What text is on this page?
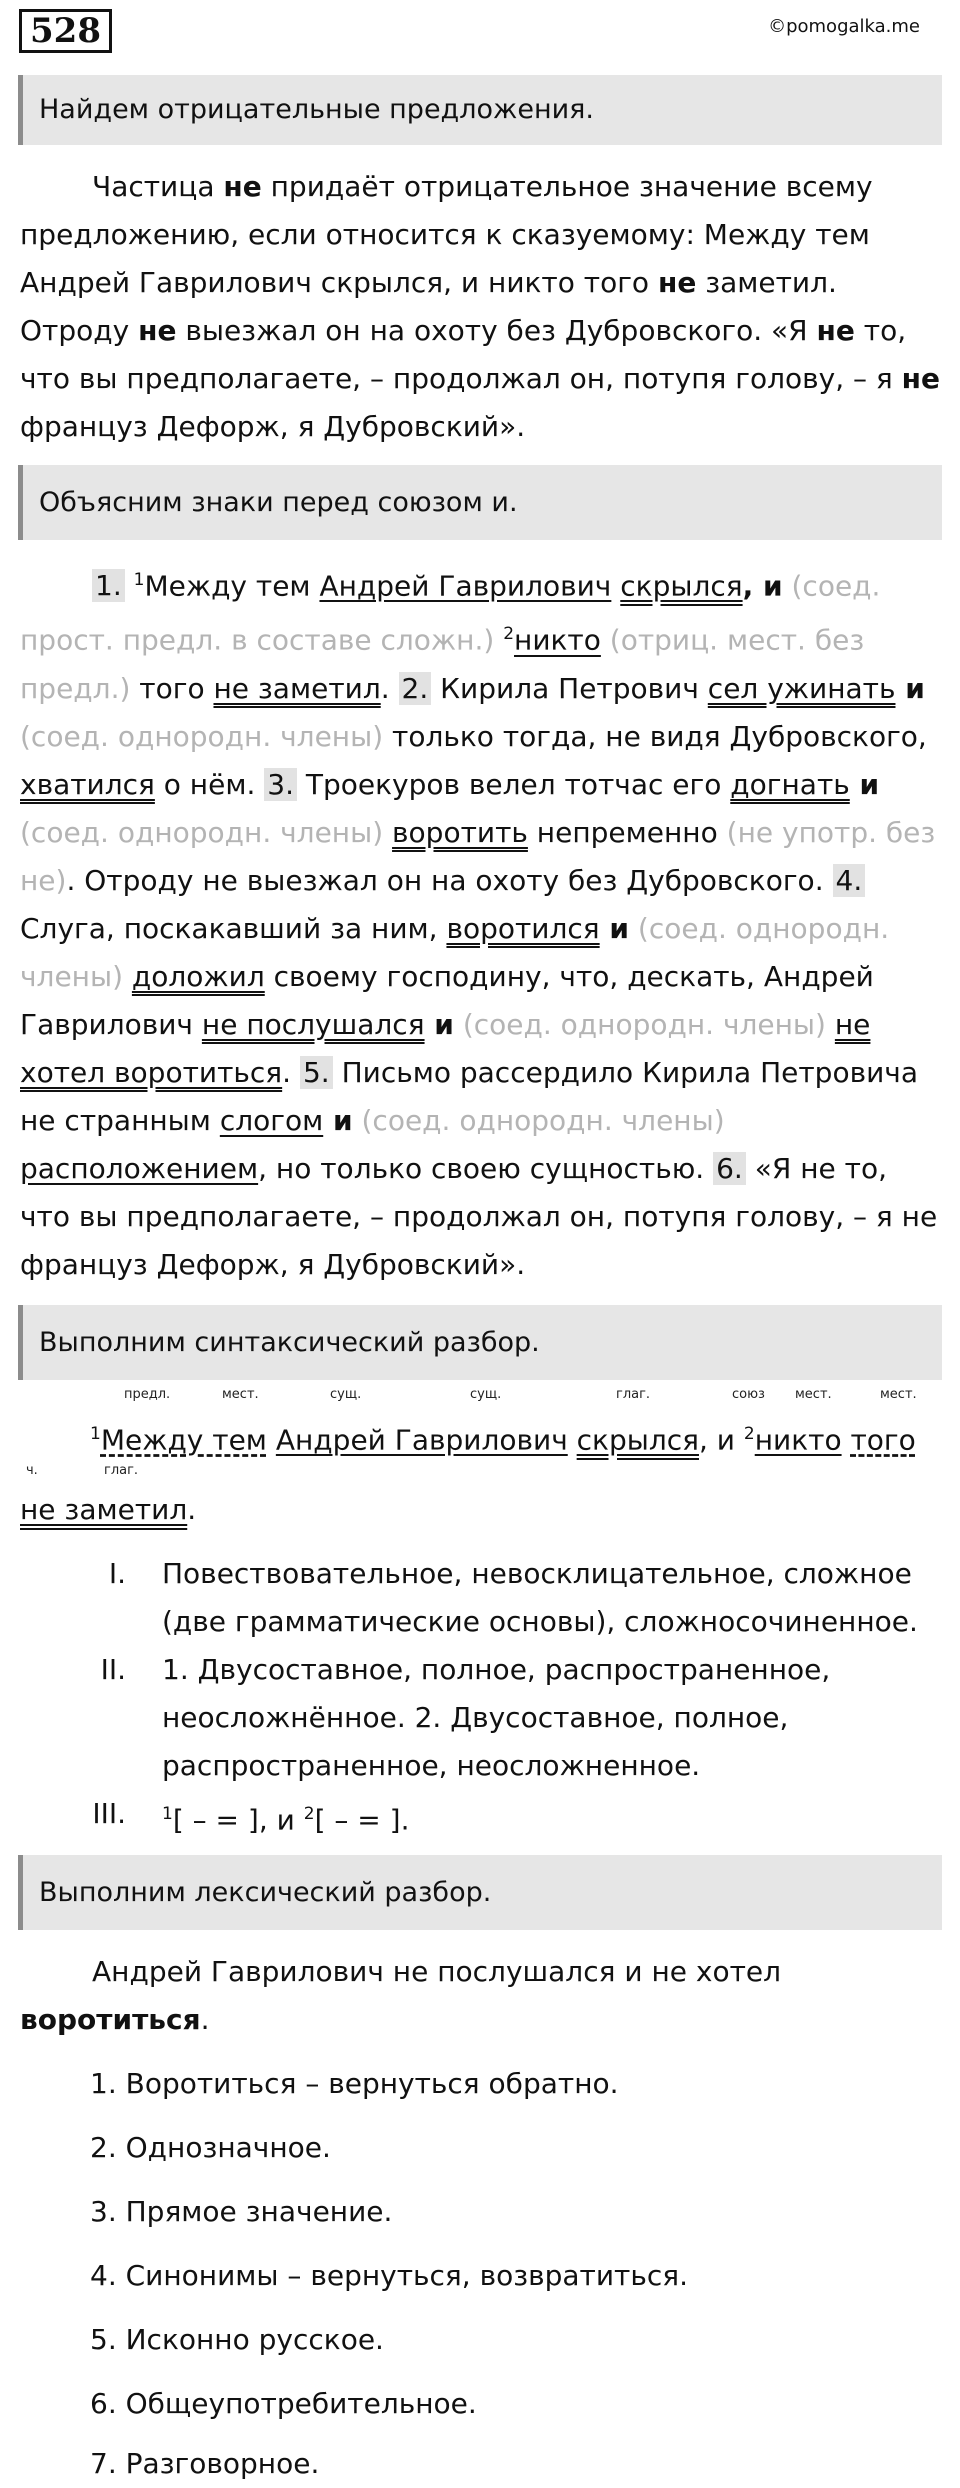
528	©pomogalka.me
Найдем отрицательные предложения.

Частица не придаёт отрицательное значение всему предложению, если относится к сказуемому: Между тем Андрей Гаврилович скрылся, и никто того не заметил. Отроду не выезжал он на охоту без Дубровского. «Я не то, что вы предполагаете, – продолжал он, потупя голову, – я не француз Дефорж, я Дубровский».

Объясним знаки перед союзом и.

1. $^1$Между тем Андрей Гаврилович скрылся, и (соед. прост. предл. в составе сложн.) $^2$никто (отриц. мест. без предл.) того не заметил. 2. Кирила Петрович сел ужинать и (соед. однородн. члены) только тогда, не видя Дубровского, хватился о нём. 3. Троекуров велел тотчас его догнать и (соед. однородн. члены) воротить непременно (не употр. без не). Отроду не выезжал он на охоту без Дубровского. 4. Слуга, поскакавший за ним, воротился и (соед. однородн. члены) доложил своему господину, что, дескать, Андрей Гаврилович не послушался и (соед. однородн. члены) не хотел воротиться. 5. Письмо рассердило Кирила Петровича не странным слогом и (соед. однородн. члены) расположением, но только своею сущностью. 6. «Я не то, что вы предполагаете, – продолжал он, потупя голову, – я не француз Дефорж, я Дубровский».

Выполним синтаксический разбор.
предл.	мест.	сущ.	сущ.	глаг.	союз мест.	мест.
$^1$Между тем Андрей Гаврилович скрылся, и $^2$никто того
ч.	глаг.
не заметил.
I. Повествовательное, невосклицательное, сложное (две грамматические основы), сложносочиненное.
II. 1. Двусоставное, полное, распространенное, неосложнённое. 2. Двусоставное, полное, распространенное, неосложненное.
III. $^1$[ – = ], и $^2$[ – = ].
Выполним лексический разбор.

Андрей Гаврилович не послушался и не хотел воротиться.

1. Воротиться – вернуться обратно.
2. Однозначное.
3. Прямое значение.
4. Синонимы – вернуться, возвратиться.
5. Исконно русское.
6. Общеупотребительное.
7. Разговорное.
